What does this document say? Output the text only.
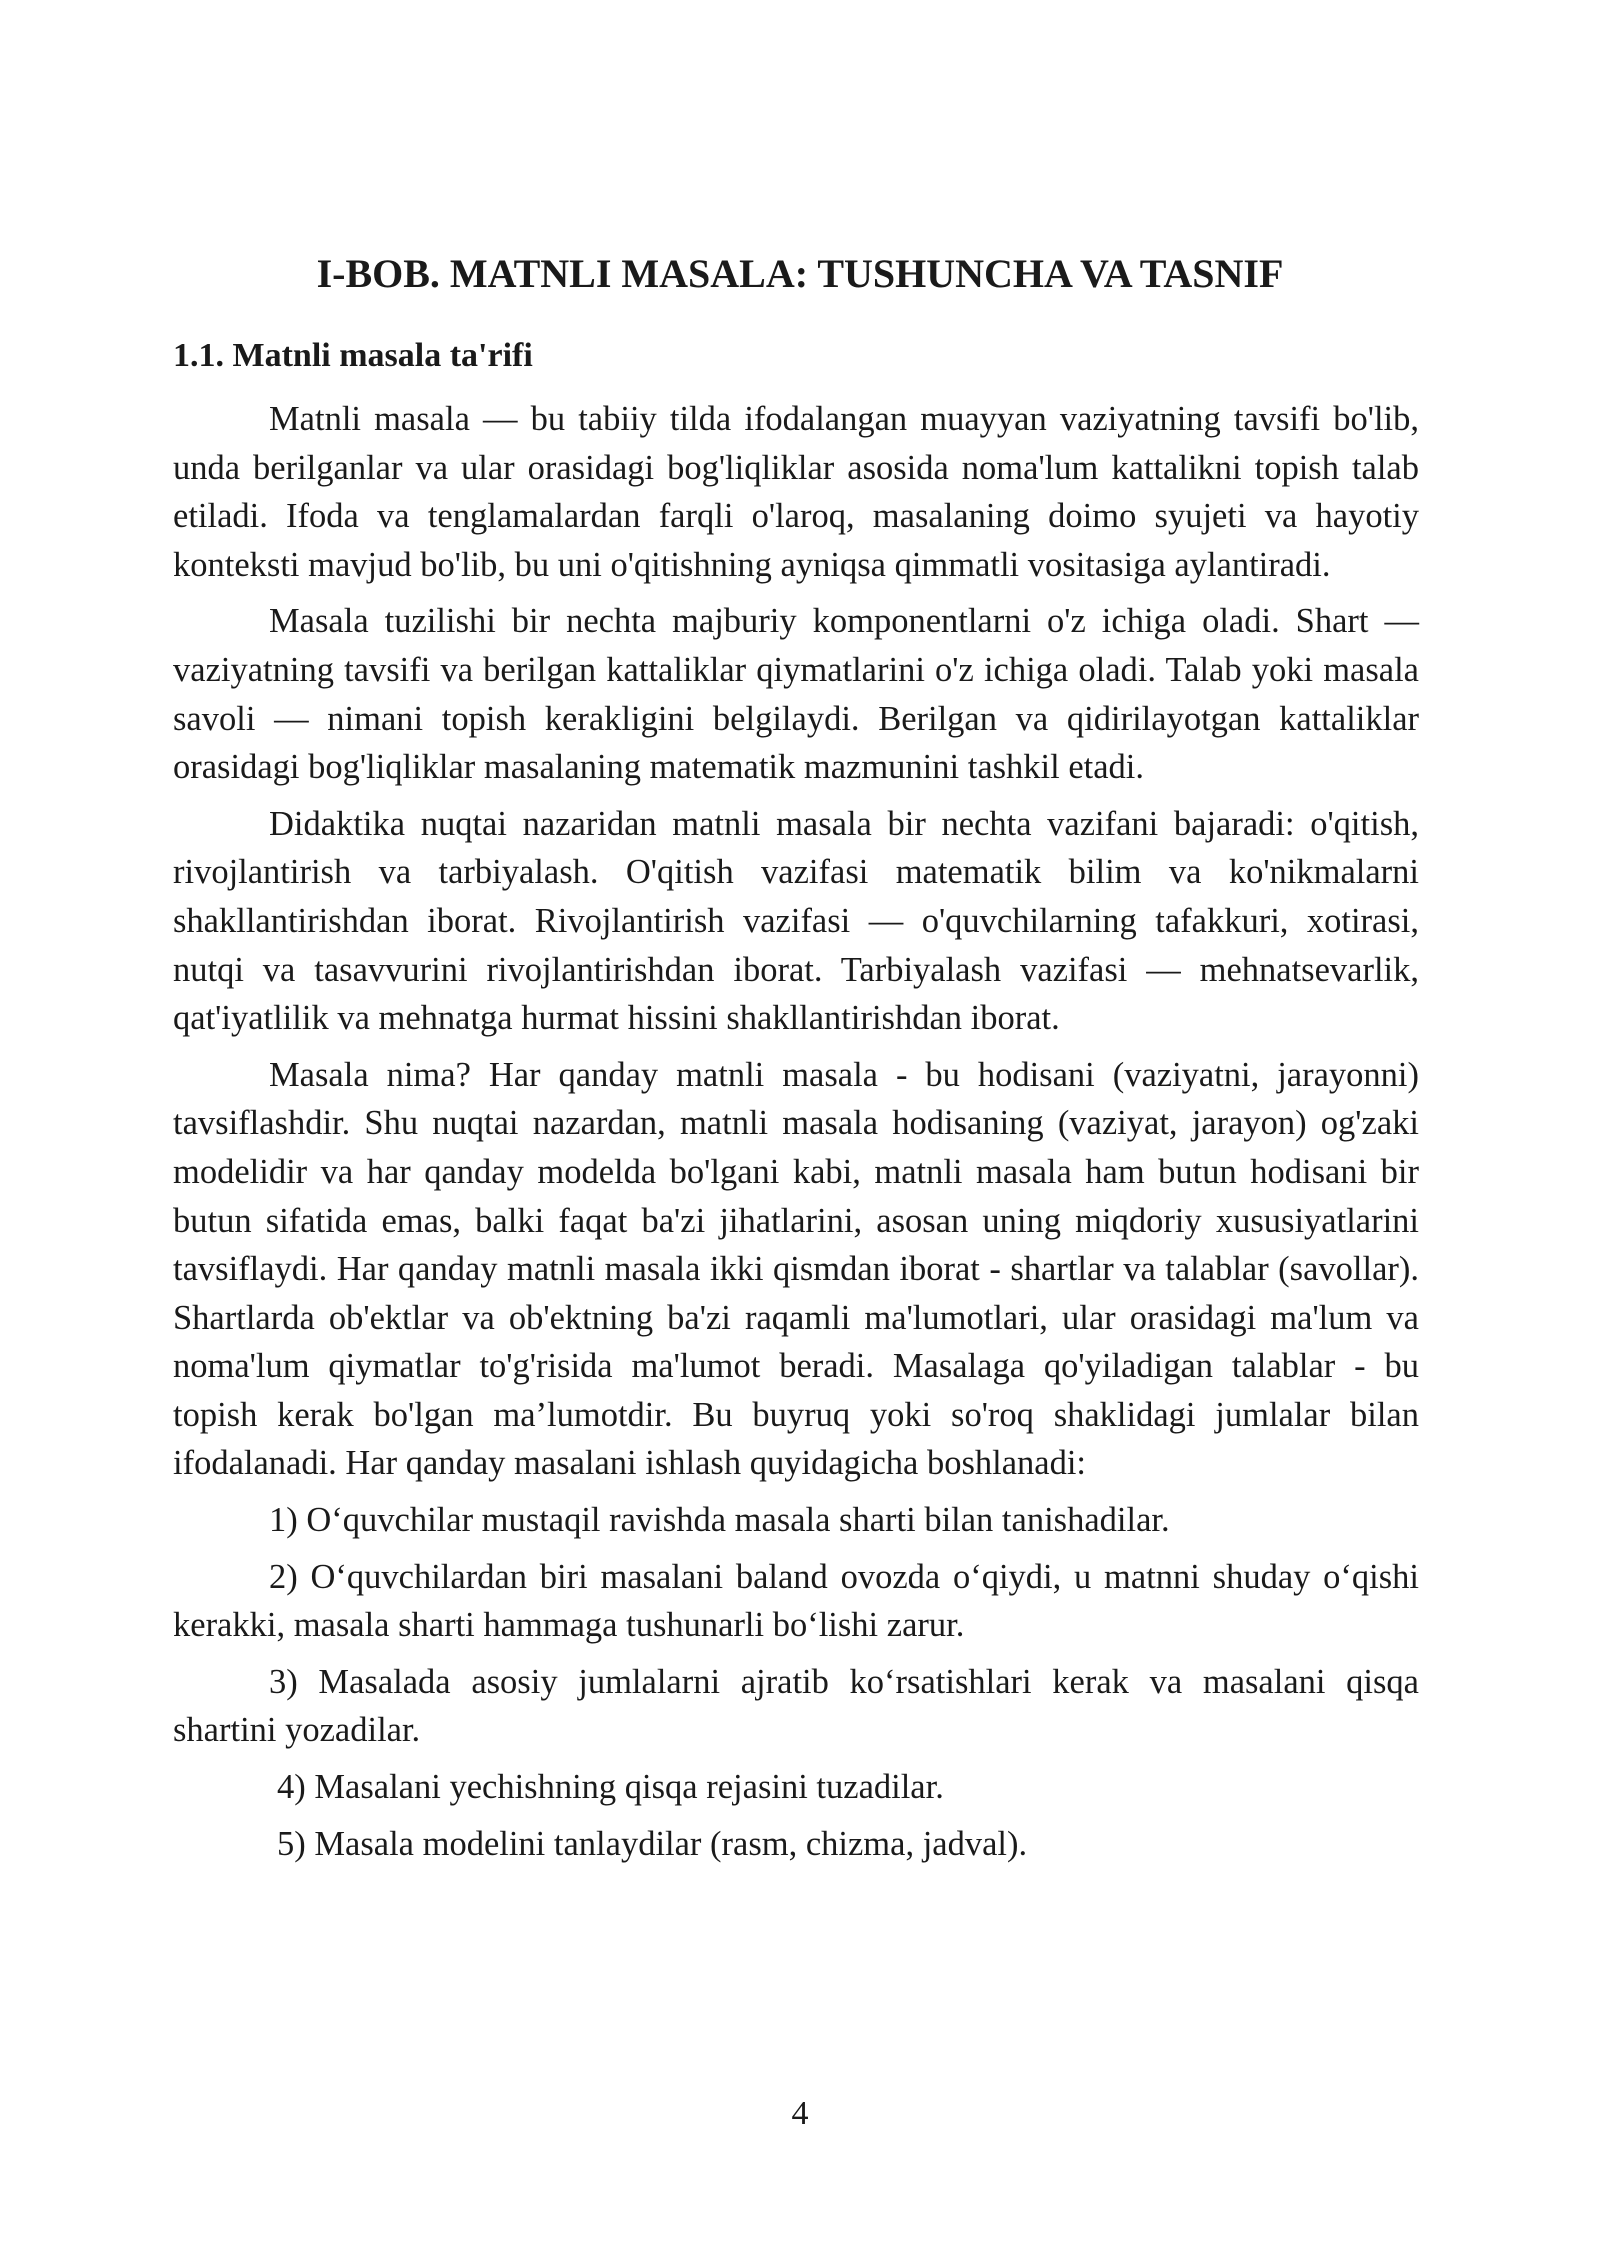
I-BOB. MATNLI MASALA: TUSHUNCHA VA TASNIF
1.1. Matnli masala ta'rifi

Matnli masala — bu tabiiy tilda ifodalangan muayyan vaziyatning tavsifi bo'lib, unda berilganlar va ular orasidagi bog'liqliklar asosida noma'lum kattalikni topish talab etiladi. Ifoda va tenglamalardan farqli o'laroq, masalaning doimo syujeti va hayotiy konteksti mavjud bo'lib, bu uni o'qitishning ayniqsa qimmatli vositasiga aylantiradi.

Masala tuzilishi bir nechta majburiy komponentlarni o'z ichiga oladi. Shart — vaziyatning tavsifi va berilgan kattaliklar qiymatlarini o'z ichiga oladi. Talab yoki masala savoli — nimani topish kerakligini belgilaydi. Berilgan va qidirilayotgan kattaliklar orasidagi bog'liqliklar masalaning matematik mazmunini tashkil etadi.

Didaktika nuqtai nazaridan matnli masala bir nechta vazifani bajaradi: o'qitish, rivojlantirish va tarbiyalash. O'qitish vazifasi matematik bilim va ko'nikmalarni shakllantirishdan iborat. Rivojlantirish vazifasi — o'quvchilarning tafakkuri, xotirasi, nutqi va tasavvurini rivojlantirishdan iborat. Tarbiyalash vazifasi — mehnatsevarlik, qat'iyatlilik va mehnatga hurmat hissini shakllantirishdan iborat.

Masala nima? Har qanday matnli masala - bu hodisani (vaziyatni, jarayonni) tavsiflashdir. Shu nuqtai nazardan, matnli masala hodisaning (vaziyat, jarayon) og'zaki modelidir va har qanday modelda bo'lgani kabi, matnli masala ham butun hodisani bir butun sifatida emas, balki faqat ba'zi jihatlarini, asosan uning miqdoriy xususiyatlarini tavsiflaydi. Har qanday matnli masala ikki qismdan iborat - shartlar va talablar (savollar). Shartlarda ob'ektlar va ob'ektning ba'zi raqamli ma'lumotlari, ular orasidagi ma'lum va noma'lum qiymatlar to'g'risida ma'lumot beradi. Masalaga qo'yiladigan talablar - bu topish kerak bo'lgan ma’lumotdir. Bu buyruq yoki so'roq shaklidagi jumlalar bilan ifodalanadi. Har qanday masalani ishlash quyidagicha boshlanadi:

1) O‘quvchilar mustaqil ravishda masala sharti bilan tanishadilar.

2) O‘quvchilardan biri masalani baland ovozda o‘qiydi, u matnni shuday o‘qishi kerakki, masala sharti hammaga tushunarli bo‘lishi zarur.

3) Masalada asosiy jumlalarni ajratib ko‘rsatishlari kerak va masalani qisqa shartini yozadilar.

4) Masalani yechishning qisqa rejasini tuzadilar.

5) Masala modelini tanlaydilar (rasm, chizma, jadval).

4
